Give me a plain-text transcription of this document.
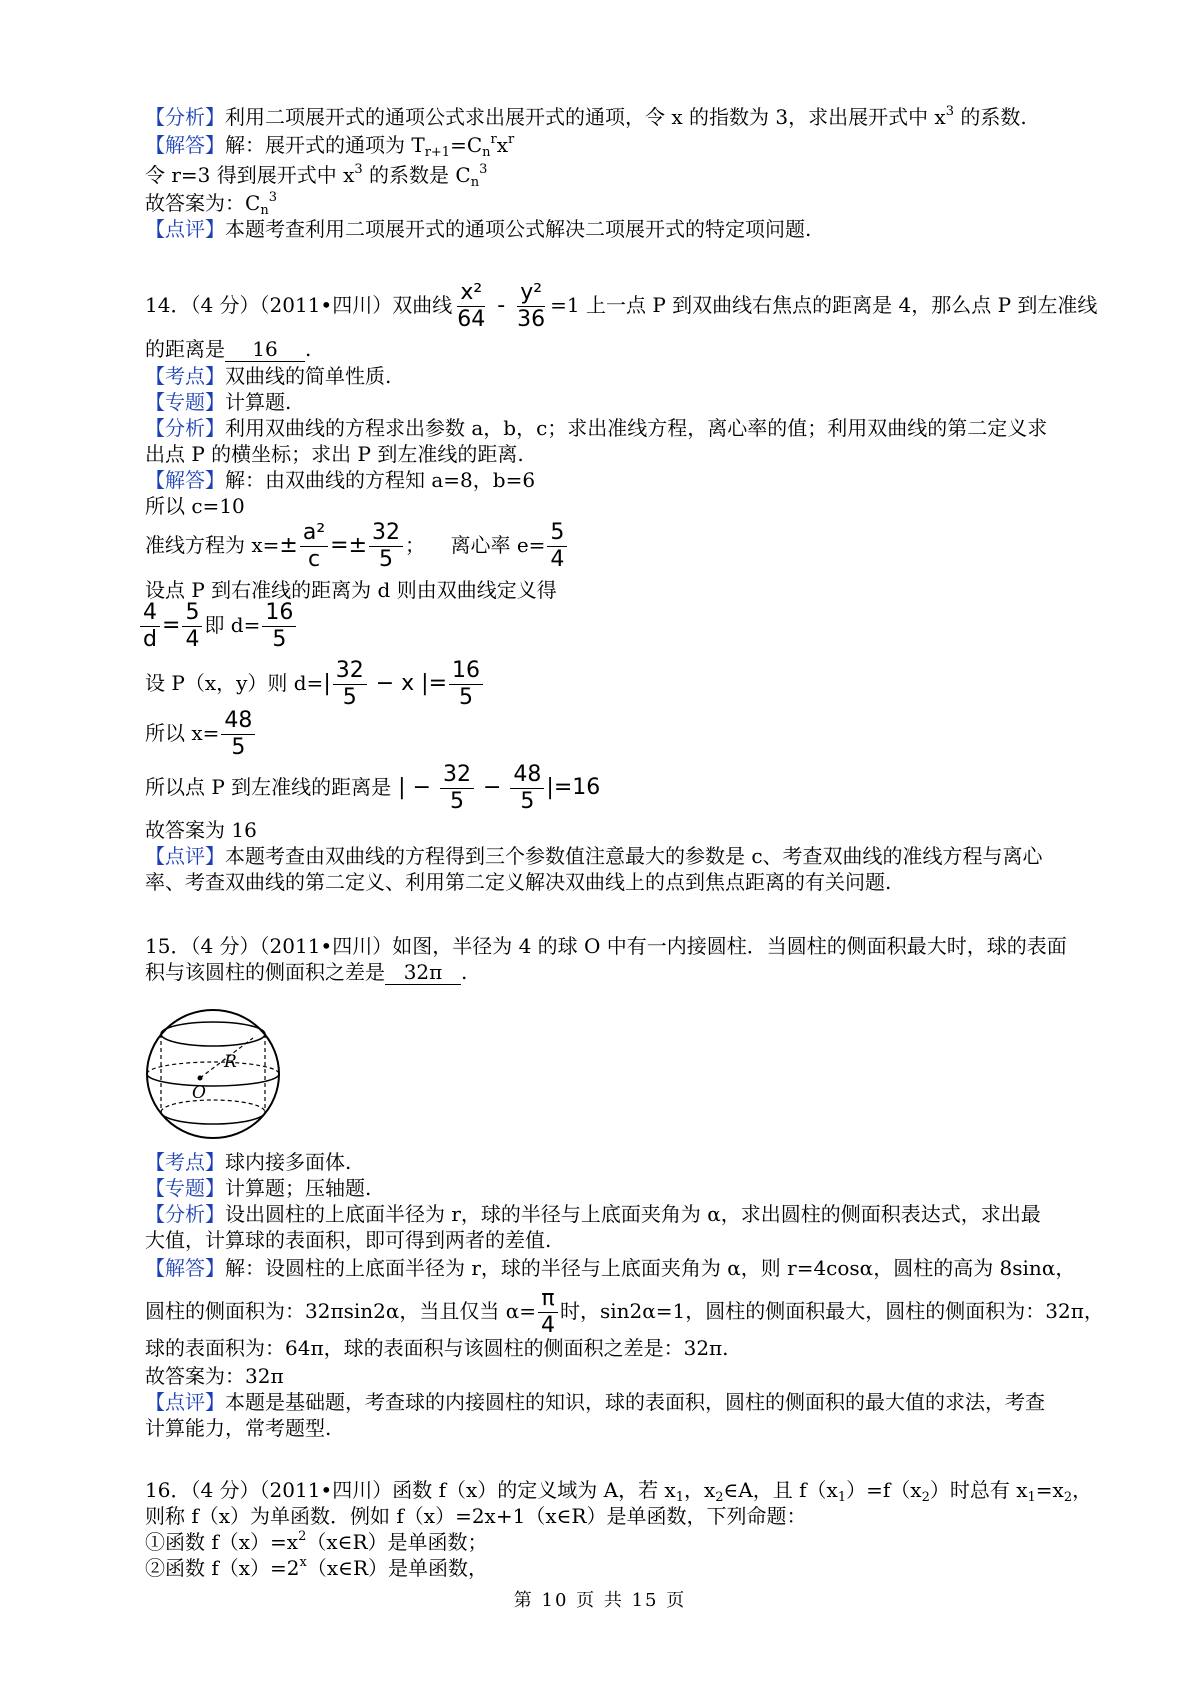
【分析】利用二项展开式的通项公式求出展开式的通项，令 x 的指数为 3，求出展开式中 $x^3$ 的系数.
【解答】解：展开式的通项为 $T_{r+1}=C_n^rx^r$
令 r=3 得到展开式中 $x^3$ 的系数是 $C_n^3$
故答案为：$C_n^3$
【点评】本题考查利用二项展开式的通项公式解决二项展开式的特定项问题.
14．（4 分）（2011•四川）双曲线 $\frac{\text{x²}}{64} - \frac{\text{y²}}{36} =1$ 上一点 P 到双曲线右焦点的距离是 4，那么点 P 到左准线
的距离是 16 .
【考点】双曲线的简单性质.
【专题】计算题.
【分析】利用双曲线的方程求出参数 a，b，c；求出准线方程，离心率的值；利用双曲线的第二定义求
出点 P 的横坐标；求出 P 到左准线的距离.
【解答】解：由双曲线的方程知 a=8，b=6
所以 c=10
准线方程为 $x=\pm \frac{\text{a²}}{c} =\pm \frac{32}{5}$ ；    离心率 $e= \frac{5}{4}$
设点 P 到右准线的距离为 d 则由双曲线定义得
$\frac{4}{d} = \frac{5}{4}$ 即 $d= \frac{16}{5}$
设 P（x，y）则 $d=| \frac{32}{5} - x$ |= $\frac{16}{5}$
所以 $x= \frac{48}{5}$
所以点 P 到左准线的距离是 | − $\frac{32}{5} - \frac{48}{5} |=16$
故答案为 16
【点评】本题考查由双曲线的方程得到三个参数值注意最大的参数是 c、考查双曲线的准线方程与离心
率、考查双曲线的第二定义、利用第二定义解决双曲线上的点到焦点距离的有关问题.
15．（4 分）（2011•四川）如图，半径为 4 的球 O 中有一内接圆柱．当圆柱的侧面积最大时，球的表面
积与该圆柱的侧面积之差是 32π .
R
O
【考点】球内接多面体.
【专题】计算题；压轴题.
【分析】设出圆柱的上底面半径为 r，球的半径与上底面夹角为 α，求出圆柱的侧面积表达式，求出最
大值，计算球的表面积，即可得到两者的差值.
【解答】解：设圆柱的上底面半径为 r，球的半径与上底面夹角为 α，则 r=4cosα，圆柱的高为 8sinα，
圆柱的侧面积为：32πsin2α，当且仅当 $\alpha= \frac{\pi}{4}$ 时，sin2α=1，圆柱的侧面积最大，圆柱的侧面积为：32π，
球的表面积为：64π，球的表面积与该圆柱的侧面积之差是：32π.
故答案为：32π
【点评】本题是基础题，考查球的内接圆柱的知识，球的表面积，圆柱的侧面积的最大值的求法，考查
计算能力，常考题型.
16．（4 分）（2011•四川）函数 f（x）的定义域为 A，若 $x_1$，$x_2\in A$，且 $f(x_1)=f(x_2)$时总有 $x_1=x_2$，
则称 f（x）为单函数．例如 f（x）=2x+1（x∈R）是单函数，下列命题：
①函数 $f(x)=x^2(x\in R)$是单函数；
②函数 $f(x)=2^x(x\in R)$是单函数，
第 10 页 共 15 页
